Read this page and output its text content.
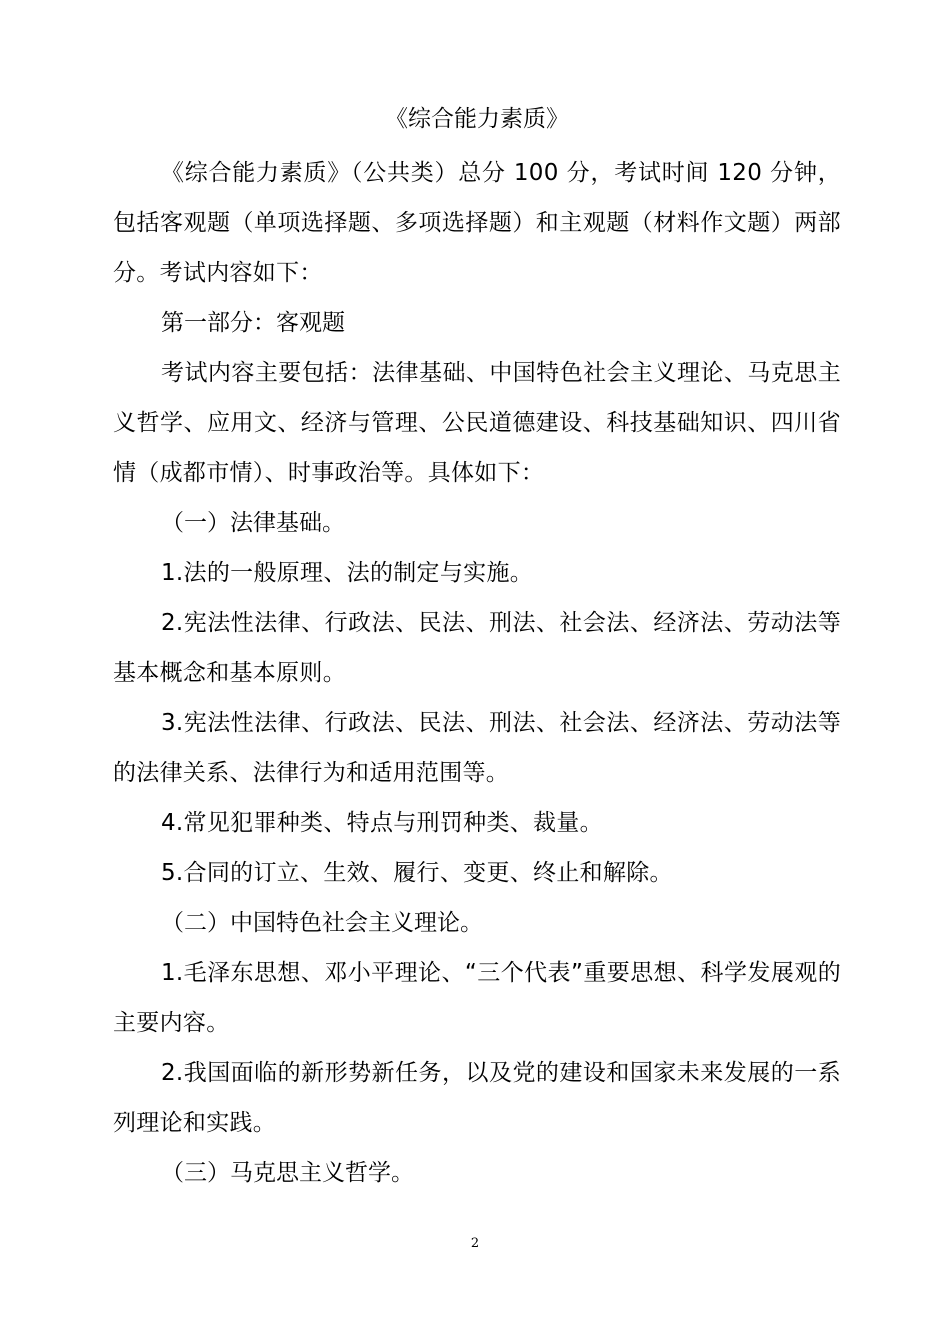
《综合能力素质》

《综合能力素质》（公共类）总分 100 分，考试时间 120 分钟，包括客观题（单项选择题、多项选择题）和主观题（材料作文题）两部分。考试内容如下：

第一部分：客观题

考试内容主要包括：法律基础、中国特色社会主义理论、马克思主义哲学、应用文、经济与管理、公民道德建设、科技基础知识、四川省情（成都市情）、时事政治等。具体如下：

（一）法律基础。

1.法的一般原理、法的制定与实施。

2.宪法性法律、行政法、民法、刑法、社会法、经济法、劳动法等基本概念和基本原则。

3.宪法性法律、行政法、民法、刑法、社会法、经济法、劳动法等的法律关系、法律行为和适用范围等。

4.常见犯罪种类、特点与刑罚种类、裁量。

5.合同的订立、生效、履行、变更、终止和解除。

（二）中国特色社会主义理论。

1.毛泽东思想、邓小平理论、“三个代表”重要思想、科学发展观的主要内容。

2.我国面临的新形势新任务，以及党的建设和国家未来发展的一系列理论和实践。

（三）马克思主义哲学。

2
